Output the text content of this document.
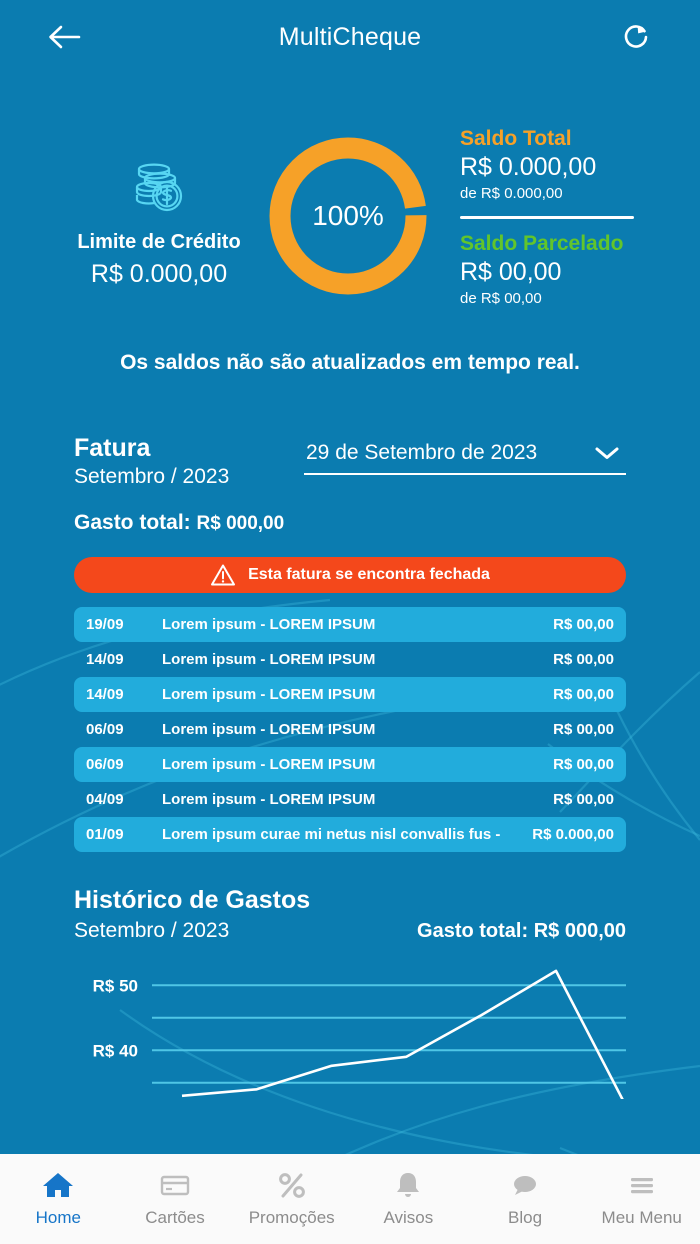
MultiCheque
Limite de Crédito
R$ 0.000,00
100%
Saldo Total
R$ 0.000,00
de R$ 0.000,00
Saldo Parcelado
R$ 00,00
de R$ 00,00
Os saldos não são atualizados em tempo real.
Fatura
Setembro / 2023
29 de Setembro de 2023
Gasto total: R$ 000,00
Esta fatura se encontra fechada
19/09	Lorem ipsum - LOREM IPSUM	R$ 00,00
14/09	Lorem ipsum - LOREM IPSUM	R$ 00,00
14/09	Lorem ipsum - LOREM IPSUM	R$ 00,00
06/09	Lorem ipsum - LOREM IPSUM	R$ 00,00
06/09	Lorem ipsum - LOREM IPSUM	R$ 00,00
04/09	Lorem ipsum - LOREM IPSUM	R$ 00,00
01/09	Lorem ipsum curae mi netus nisl convallis fus -	R$ 0.000,00
Histórico de Gastos
Setembro / 2023	Gasto total: R$ 000,00
R$ 50
R$ 40
Home	Cartões	Promoções	Avisos	Blog	Meu Menu
